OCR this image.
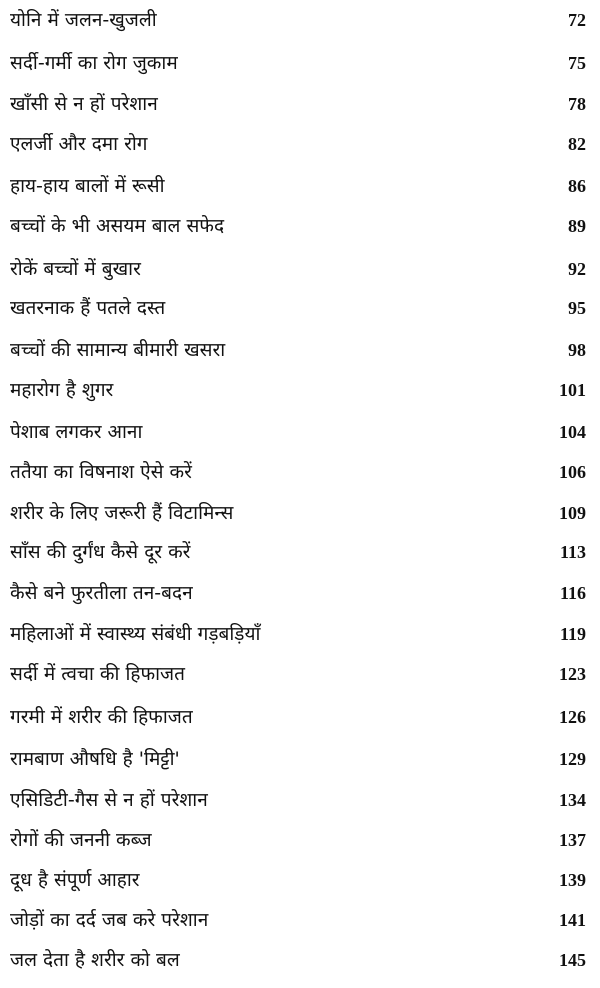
योनि में जलन-खुजली	72
सर्दी-गर्मी का रोग जुकाम	75
खाँसी से न हों परेशान	78
एलर्जी और दमा रोग	82
हाय-हाय बालों में रूसी	86
बच्चों के भी असयम बाल सफेद	89
रोकें बच्चों में बुखार	92
खतरनाक हैं पतले दस्त	95
बच्चों की सामान्य बीमारी खसरा	98
महारोग है शुगर	101
पेशाब लगकर आना	104
ततैया का विषनाश ऐसे करें	106
शरीर के लिए जरूरी हैं विटामिन्स	109
साँस की दुर्गंध कैसे दूर करें	113
कैसे बने फुरतीला तन-बदन	116
महिलाओं में स्वास्थ्य संबंधी गड़बड़ियाँ	119
सर्दी में त्वचा की हिफाजत	123
गरमी में शरीर की हिफाजत	126
रामबाण औषधि है 'मिट्टी'	129
एसिडिटी-गैस से न हों परेशान	134
रोगों की जननी कब्ज	137
दूध है संपूर्ण आहार	139
जोड़ों का दर्द जब करे परेशान	141
जल देता है शरीर को बल	145
